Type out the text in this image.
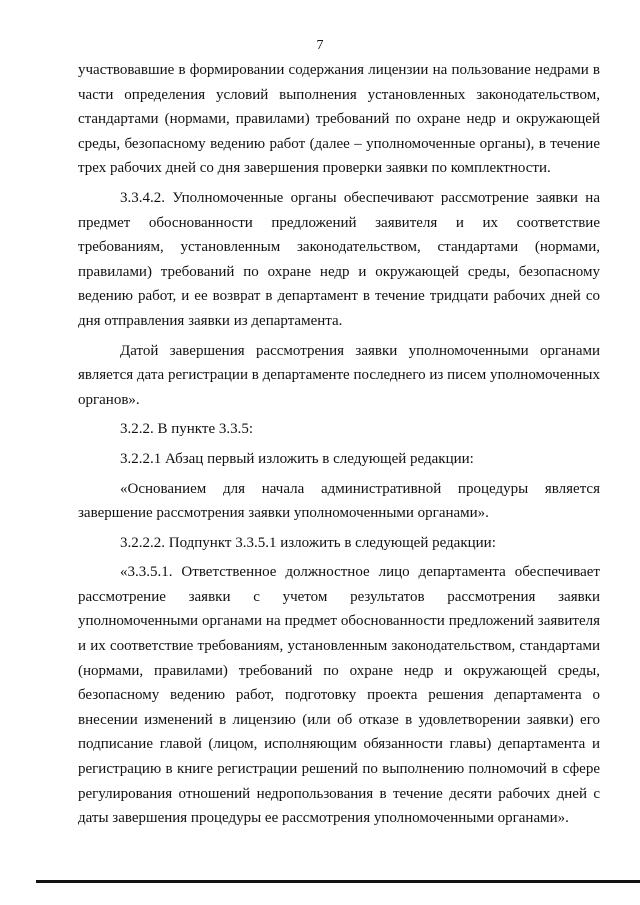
7

участвовавшие в формировании содержания лицензии на пользование недрами в части определения условий выполнения установленных законодательством, стандартами (нормами, правилами) требований по охране недр и окружающей среды, безопасному ведению работ (далее – уполномоченные органы), в течение трех рабочих дней со дня завершения проверки заявки по комплектности.

3.3.4.2. Уполномоченные органы обеспечивают рассмотрение заявки на предмет обоснованности предложений заявителя и их соответствие требованиям, установленным законодательством, стандартами (нормами, правилами) требований по охране недр и окружающей среды, безопасному ведению работ, и ее возврат в департамент в течение тридцати рабочих дней со дня отправления заявки из департамента.

Датой завершения рассмотрения заявки уполномоченными органами является дата регистрации в департаменте последнего из писем уполномоченных органов».

3.2.2. В пункте 3.3.5:

3.2.2.1 Абзац первый изложить в следующей редакции:

«Основанием для начала административной процедуры является завершение рассмотрения заявки уполномоченными органами».

3.2.2.2. Подпункт 3.3.5.1 изложить в следующей редакции:

«3.3.5.1. Ответственное должностное лицо департамента обеспечивает рассмотрение заявки с учетом результатов рассмотрения заявки уполномоченными органами на предмет обоснованности предложений заявителя и их соответствие требованиям, установленным законодательством, стандартами (нормами, правилами) требований по охране недр и окружающей среды, безопасному ведению работ, подготовку проекта решения департамента о внесении изменений в лицензию (или об отказе в удовлетворении заявки) его подписание главой (лицом, исполняющим обязанности главы) департамента и регистрацию в книге регистрации решений по выполнению полномочий в сфере регулирования отношений недропользования в течение десяти рабочих дней с даты завершения процедуры ее рассмотрения уполномоченными органами».
